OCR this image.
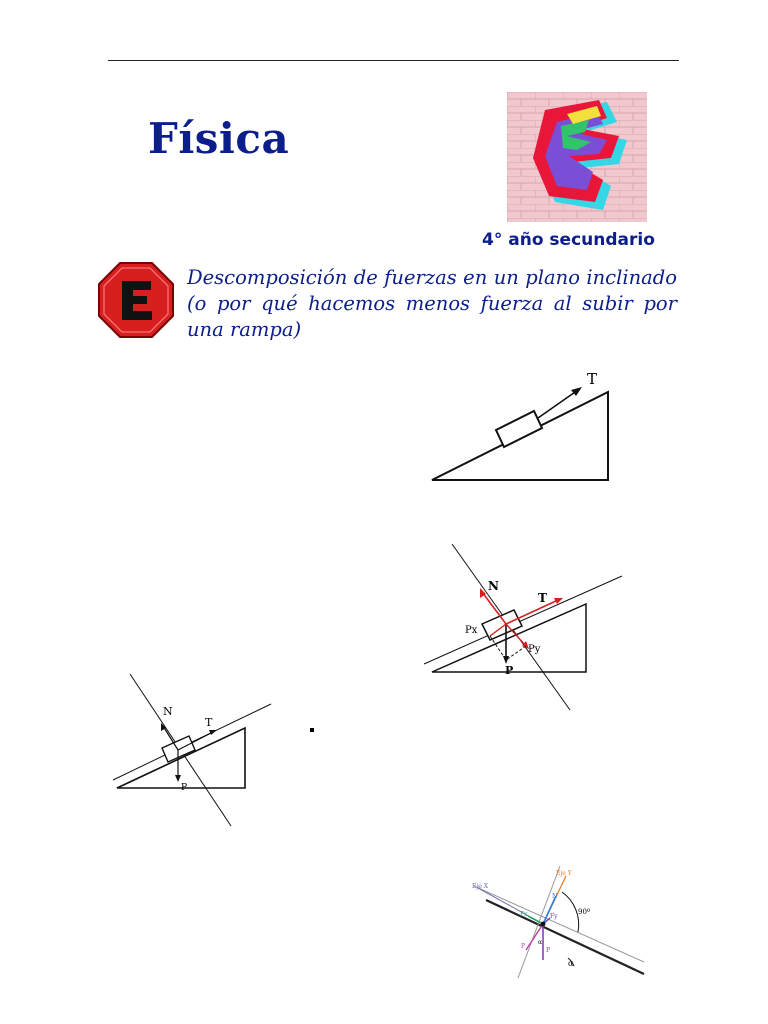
Física
4° año secundario
Descomposición de fuerzas en un plano inclinado (o por qué hacemos menos fuerza al subir por una rampa)
T
N
T
Px
Py
P
N
T
P
Eje X
Eje Y
90º
α
α
N
Fx	Fy
P
P
